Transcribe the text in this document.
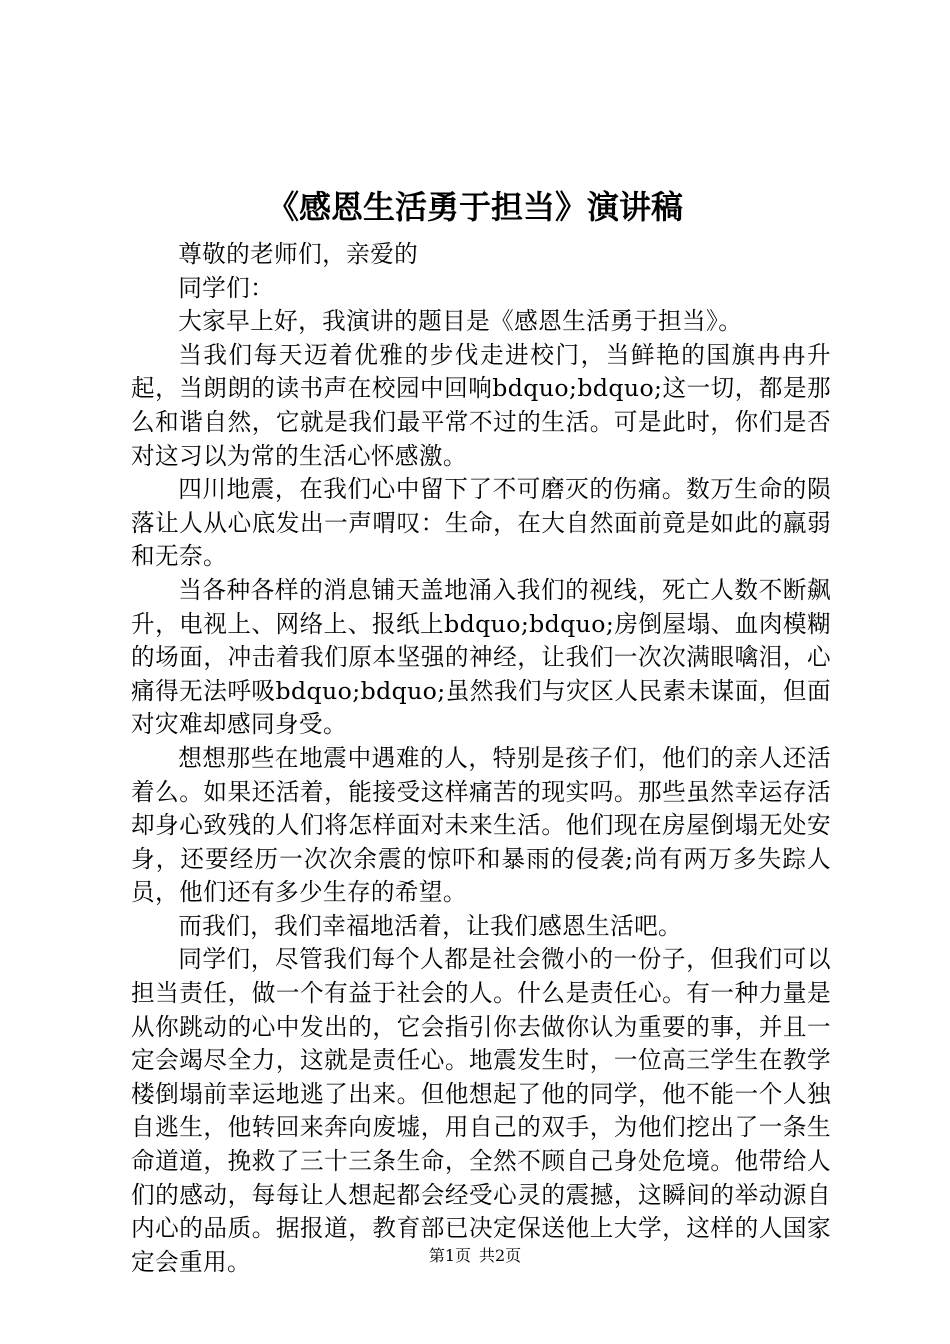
《感恩生活勇于担当》演讲稿

尊敬的老师们，亲爱的

同学们：

大家早上好，我演讲的题目是《感恩生活勇于担当》。

当我们每天迈着优雅的步伐走进校门，当鲜艳的国旗冉冉升起，当朗朗的读书声在校园中回响bdquo;bdquo;这一切，都是那么和谐自然，它就是我们最平常不过的生活。可是此时，你们是否对这习以为常的生活心怀感激。

四川地震，在我们心中留下了不可磨灭的伤痛。数万生命的陨落让人从心底发出一声喟叹：生命，在大自然面前竟是如此的羸弱和无奈。

当各种各样的消息铺天盖地涌入我们的视线，死亡人数不断飙升，电视上、网络上、报纸上bdquo;bdquo;房倒屋塌、血肉模糊的场面，冲击着我们原本坚强的神经，让我们一次次满眼噙泪，心痛得无法呼吸bdquo;bdquo;虽然我们与灾区人民素未谋面，但面对灾难却感同身受。

想想那些在地震中遇难的人，特别是孩子们，他们的亲人还活着么。如果还活着，能接受这样痛苦的现实吗。那些虽然幸运存活却身心致残的人们将怎样面对未来生活。他们现在房屋倒塌无处安身，还要经历一次次余震的惊吓和暴雨的侵袭;尚有两万多失踪人员，他们还有多少生存的希望。

而我们，我们幸福地活着，让我们感恩生活吧。

同学们，尽管我们每个人都是社会微小的一份子，但我们可以担当责任，做一个有益于社会的人。什么是责任心。有一种力量是从你跳动的心中发出的，它会指引你去做你认为重要的事，并且一定会竭尽全力，这就是责任心。地震发生时，一位高三学生在教学楼倒塌前幸运地逃了出来。但他想起了他的同学，他不能一个人独自逃生，他转回来奔向废墟，用自己的双手，为他们挖出了一条生命道道，挽救了三十三条生命，全然不顾自己身处危境。他带给人们的感动，每每让人想起都会经受心灵的震撼，这瞬间的举动源自内心的品质。据报道，教育部已决定保送他上大学，这样的人国家定会重用。	第1页 共2页
